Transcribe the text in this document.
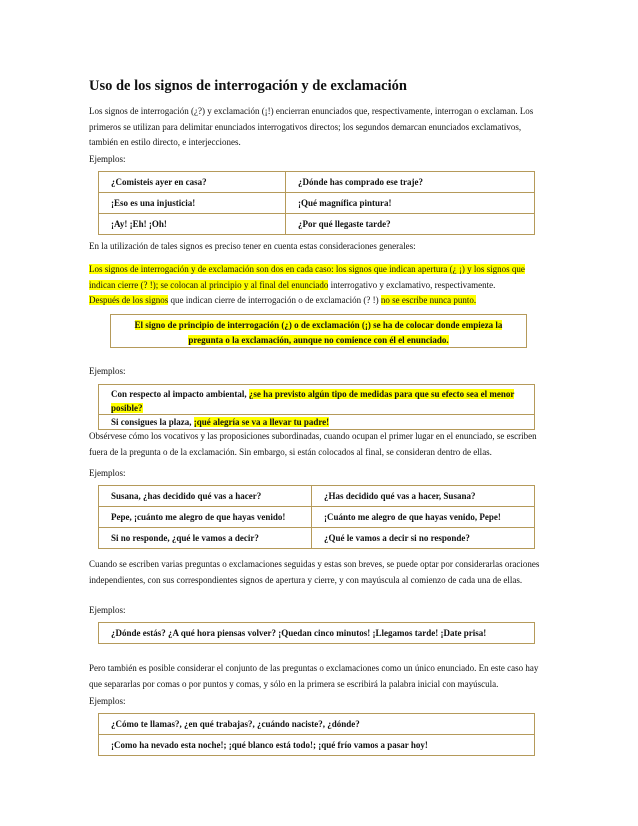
Uso de los signos de interrogación y de exclamación

Los signos de interrogación (¿?) y exclamación (¡!) encierran enunciados que, respectivamente, interrogan o exclaman. Los primeros se utilizan para delimitar enunciados interrogativos directos; los segundos demarcan enunciados exclamativos, también en estilo directo, e interjecciones.

Ejemplos:

¿Comisteis ayer en casa?	¿Dónde has comprado ese traje?
¡Eso es una injusticia!	¡Qué magnífica pintura!
¡Ay! ¡Eh! ¡Oh!	¿Por qué llegaste tarde?

En la utilización de tales signos es preciso tener en cuenta estas consideraciones generales:

Los signos de interrogación y de exclamación son dos en cada caso: los signos que indican apertura (¿ ¡) y los signos que indican cierre (? !); se colocan al principio y al final del enunciado interrogativo y exclamativo, respectivamente.

Después de los signos que indican cierre de interrogación o de exclamación (? !) no se escribe nunca punto.

El signo de principio de interrogación (¿) o de exclamación (¡) se ha de colocar donde empieza la pregunta o la exclamación, aunque no comience con él el enunciado.

Ejemplos:

Con respecto al impacto ambiental, ¿se ha previsto algún tipo de medidas para que su efecto sea el menor posible?
Si consigues la plaza, ¡qué alegría se va a llevar tu padre!

Obsérvese cómo los vocativos y las proposiciones subordinadas, cuando ocupan el primer lugar en el enunciado, se escriben fuera de la pregunta o de la exclamación. Sin embargo, si están colocados al final, se consideran dentro de ellas.

Ejemplos:

Susana, ¿has decidido qué vas a hacer?	¿Has decidido qué vas a hacer, Susana?
Pepe, ¡cuánto me alegro de que hayas venido!	¡Cuánto me alegro de que hayas venido, Pepe!
Si no responde, ¿qué le vamos a decir?	¿Qué le vamos a decir si no responde?

Cuando se escriben varias preguntas o exclamaciones seguidas y estas son breves, se puede optar por considerarlas oraciones independientes, con sus correspondientes signos de apertura y cierre, y con mayúscula al comienzo de cada una de ellas.

Ejemplos:

¿Dónde estás? ¿A qué hora piensas volver? ¡Quedan cinco minutos! ¡Llegamos tarde! ¡Date prisa!

Pero también es posible considerar el conjunto de las preguntas o exclamaciones como un único enunciado. En este caso hay que separarlas por comas o por puntos y comas, y sólo en la primera se escribirá la palabra inicial con mayúscula.

Ejemplos:

¿Cómo te llamas?, ¿en qué trabajas?, ¿cuándo naciste?, ¿dónde?
¡Como ha nevado esta noche!; ¡qué blanco está todo!; ¡qué frío vamos a pasar hoy!
